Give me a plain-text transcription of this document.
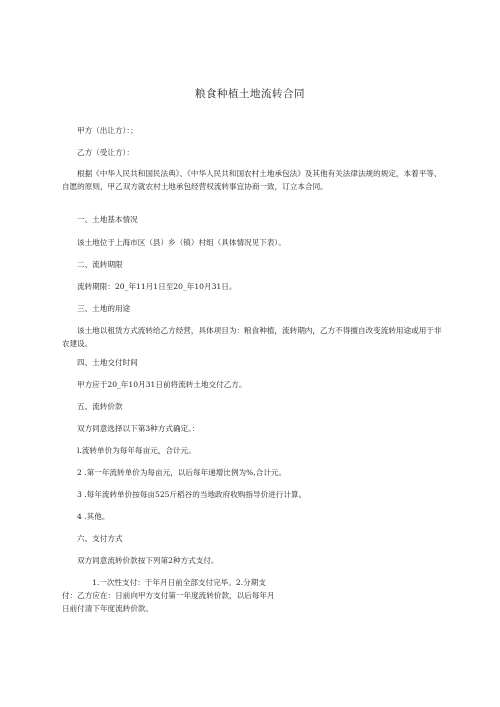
粮食种植土地流转合同
甲方（出让方）：；
乙方（受让方）：
根据《中华人民共和国民法典》、《中华人民共和国农村土地承包法》及其他有关法律法规的规定，本着平等、自愿的原则，甲乙双方就农村土地承包经营权流转事宜协商一致，订立本合同。
一、土地基本情况
该土地位于上海市区（县）乡（镇）村组（具体情况见下表）。
二、流转期限
流转期限：20_年11月1日至20_年10月31日。
三、土地的用途
该土地以租赁方式流转给乙方经营，具体项目为：粮食种植，流转期内，乙方不得擅自改变流转用途或用于非农建设。
四、土地交付时间
甲方应于20_年10月31日前将流转土地交付乙方。
五、流转价款
双方同意选择以下第3种方式确定。：
l.流转单价为每年每亩元，合计元。
2 .第一年流转单价为每亩元，以后每年递增比例为%,合计元。
3 .每年流转单价按每亩525斤稻谷的当地政府收购指导价进行计算。
4 .其他。
六、支付方式
双方同意流转价款按下列第2种方式支付。
1.一次性支付：于年月日前全部支付完毕。2.分期支
付：乙方应在：日前向甲方支付第一年度流转价款，以后每年月
日前付清下年度流转价款。
